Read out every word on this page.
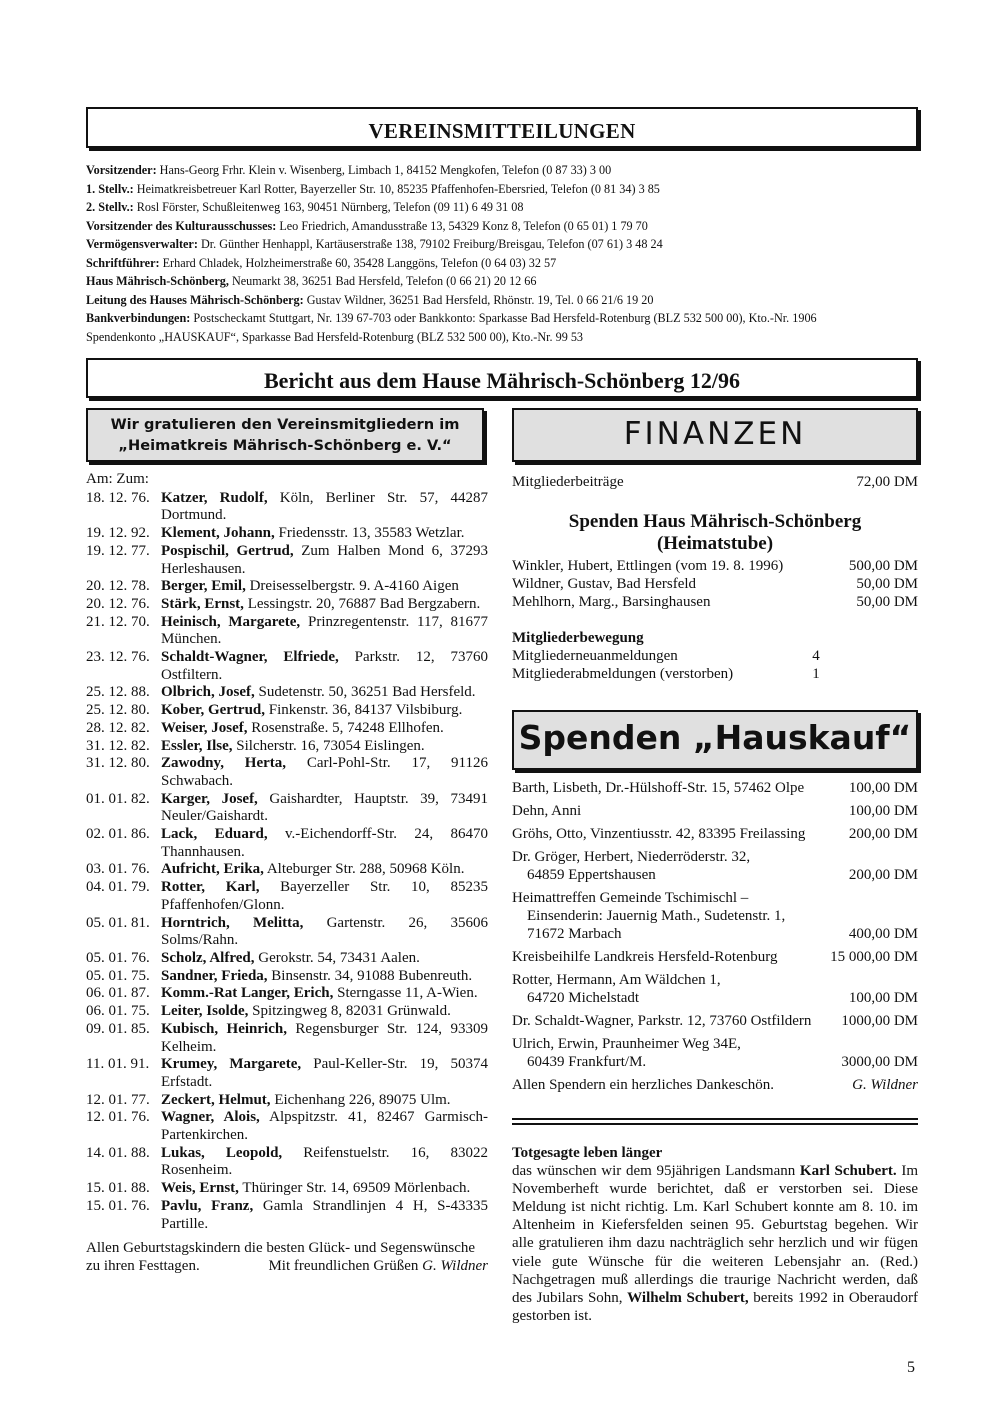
VEREINSMITTEILUNGEN
Vorsitzender: Hans-Georg Frhr. Klein v. Wisenberg, Limbach 1, 84152 Mengkofen, Telefon (0 87 33) 3 00
1. Stellv.: Heimatkreisbetreuer Karl Rotter, Bayerzeller Str. 10, 85235 Pfaffenhofen-Ebersried, Telefon (0 81 34) 3 85
2. Stellv.: Rosl Förster, Schußleitenweg 163, 90451 Nürnberg, Telefon (09 11) 6 49 31 08
Vorsitzender des Kulturausschusses: Leo Friedrich, Amandusstraße 13, 54329 Konz 8, Telefon (0 65 01) 1 79 70
Vermögensverwalter: Dr. Günther Henhappl, Kartäuserstraße 138, 79102 Freiburg/Breisgau, Telefon (07 61) 3 48 24
Schriftführer: Erhard Chladek, Holzheimerstraße 60, 35428 Langgöns, Telefon (0 64 03) 32 57
Haus Mährisch-Schönberg, Neumarkt 38, 36251 Bad Hersfeld, Telefon (0 66 21) 20 12 66
Leitung des Hauses Mährisch-Schönberg: Gustav Wildner, 36251 Bad Hersfeld, Rhönstr. 19, Tel. 0 66 21/6 19 20
Bankverbindungen: Postscheckamt Stuttgart, Nr. 139 67-703 oder Bankkonto: Sparkasse Bad Hersfeld-Rotenburg (BLZ 532 500 00), Kto.-Nr. 1906
Spendenkonto „HAUSKAUF“, Sparkasse Bad Hersfeld-Rotenburg (BLZ 532 500 00), Kto.-Nr. 99 53
Bericht aus dem Hause Mährisch-Schönberg 12/96
Wir gratulieren den Vereinsmitgliedern im
„Heimatkreis Mährisch-Schönberg e. V.“
Am: Zum:
18. 12. 76. Katzer, Rudolf, Köln, Berliner Str. 57, 44287 Dortmund.
19. 12. 92. Klement, Johann, Friedensstr. 13, 35583 Wetzlar.
19. 12. 77. Pospischil, Gertrud, Zum Halben Mond 6, 37293 Herleshausen.
20. 12. 78. Berger, Emil, Dreisesselbergstr. 9. A-4160 Aigen
20. 12. 76. Stärk, Ernst, Lessingstr. 20, 76887 Bad Bergzabern.
21. 12. 70. Heinisch, Margarete, Prinzregentenstr. 117, 81677 München.
23. 12. 76. Schaldt-Wagner, Elfriede, Parkstr. 12, 73760 Ostfiltern.
25. 12. 88. Olbrich, Josef, Sudetenstr. 50, 36251 Bad Hersfeld.
25. 12. 80. Kober, Gertrud, Finkenstr. 36, 84137 Vilsbiburg.
28. 12. 82. Weiser, Josef, Rosenstraße. 5, 74248 Ellhofen.
31. 12. 82. Essler, Ilse, Silcherstr. 16, 73054 Eislingen.
31. 12. 80. Zawodny, Herta, Carl-Pohl-Str. 17, 91126 Schwabach.
01. 01. 82. Karger, Josef, Gaishardter, Hauptstr. 39, 73491 Neuler/Gaishardt.
02. 01. 86. Lack, Eduard, v.-Eichendorff-Str. 24, 86470 Thannhausen.
03. 01. 76. Aufricht, Erika, Alteburger Str. 288, 50968 Köln.
04. 01. 79. Rotter, Karl, Bayerzeller Str. 10, 85235 Pfaffenhofen/Glonn.
05. 01. 81. Horntrich, Melitta, Gartenstr. 26, 35606 Solms/Rahn.
05. 01. 76. Scholz, Alfred, Gerokstr. 54, 73431 Aalen.
05. 01. 75. Sandner, Frieda, Binsenstr. 34, 91088 Bubenreuth.
06. 01. 87. Komm.-Rat Langer, Erich, Sterngasse 11, A-Wien.
06. 01. 75. Leiter, Isolde, Spitzingweg 8, 82031 Grünwald.
09. 01. 85. Kubisch, Heinrich, Regensburger Str. 124, 93309 Kelheim.
11. 01. 91. Krumey, Margarete, Paul-Keller-Str. 19, 50374 Erfstadt.
12. 01. 77. Zeckert, Helmut, Eichenhang 226, 89075 Ulm.
12. 01. 76. Wagner, Alois, Alpspitzstr. 41, 82467 Garmisch-Partenkirchen.
14. 01. 88. Lukas, Leopold, Reifenstuelstr. 16, 83022 Rosenheim.
15. 01. 88. Weis, Ernst, Thüringer Str. 14, 69509 Mörlenbach.
15. 01. 76. Pavlu, Franz, Gamla Strandlinjen 4 H, S-43335 Partille.
Allen Geburtstagskindern die besten Glück- und Segenswünsche
zu ihren Festtagen.	Mit freundlichen Grüßen G. Wildner
FINANZEN
Mitgliederbeiträge	72,00 DM
Spenden Haus Mährisch-Schönberg
(Heimatstube)
Winkler, Hubert, Ettlingen (vom 19. 8. 1996)	500,00 DM
Wildner, Gustav, Bad Hersfeld	50,00 DM
Mehlhorn, Marg., Barsinghausen	50,00 DM
Mitgliederbewegung
Mitgliederneuanmeldungen	4
Mitgliederabmeldungen (verstorben)	1
Spenden „Hauskauf“
Barth, Lisbeth, Dr.-Hülshoff-Str. 15, 57462 Olpe	100,00 DM
Dehn, Anni	100,00 DM
Gröhs, Otto, Vinzentiusstr. 42, 83395 Freilassing	200,00 DM
Dr. Gröger, Herbert, Niederröderstr. 32,
64859 Eppertshausen	200,00 DM
Heimattreffen Gemeinde Tschimischl –
Einsenderin: Jauernig Math., Sudetenstr. 1,
71672 Marbach	400,00 DM
Kreisbeihilfe Landkreis Hersfeld-Rotenburg	15 000,00 DM
Rotter, Hermann, Am Wäldchen 1,
64720 Michelstadt	100,00 DM
Dr. Schaldt-Wagner, Parkstr. 12, 73760 Ostfildern	1000,00 DM
Ulrich, Erwin, Praunheimer Weg 34E,
60439 Frankfurt/M.	3000,00 DM
Allen Spendern ein herzliches Dankeschön.	G. Wildner
Totgesagte leben länger
das wünschen wir dem 95jährigen Landsmann Karl Schubert. Im Novemberheft wurde berichtet, daß er verstorben sei. Diese Meldung ist nicht richtig. Lm. Karl Schubert konnte am 8. 10. im Altenheim in Kiefersfelden seinen 95. Geburtstag begehen. Wir alle gratulieren ihm dazu nachträglich sehr herzlich und wir fügen viele gute Wünsche für die weiteren Lebensjahr an. (Red.) Nachgetragen muß allerdings die traurige Nachricht werden, daß des Jubilars Sohn, Wilhelm Schubert, bereits 1992 in Oberaudorf gestorben ist.
5
